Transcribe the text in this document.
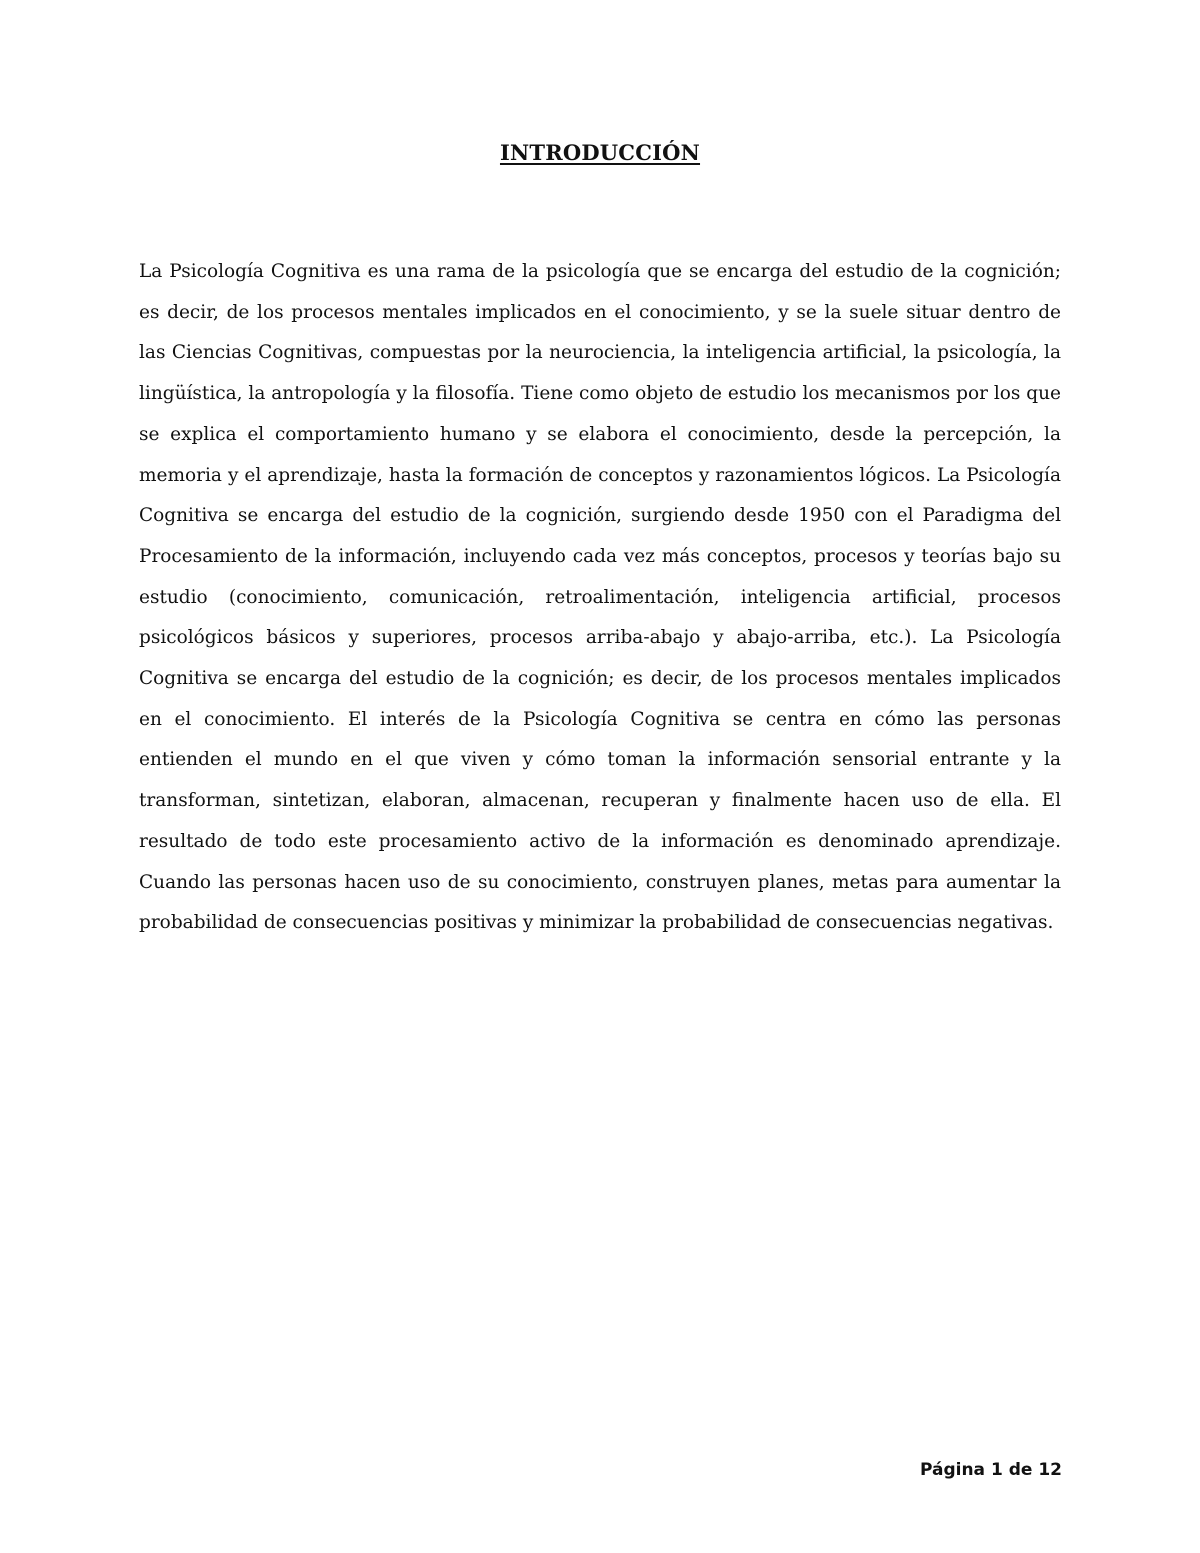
INTRODUCCIÓN

La Psicología Cognitiva es una rama de la psicología que se encarga del estudio de la cognición; es decir, de los procesos mentales implicados en el conocimiento, y se la suele situar dentro de las Ciencias Cognitivas, compuestas por la neurociencia, la inteligencia artificial, la psicología, la lingüística, la antropología y la filosofía. Tiene como objeto de estudio los mecanismos por los que se explica el comportamiento humano y se elabora el conocimiento, desde la percepción, la memoria y el aprendizaje, hasta la formación de conceptos y razonamientos lógicos. La Psicología Cognitiva se encarga del estudio de la cognición, surgiendo desde 1950 con el Paradigma del Procesamiento de la información, incluyendo cada vez más conceptos, procesos y teorías bajo su estudio (conocimiento, comunicación, retroalimentación, inteligencia artificial, procesos psicológicos básicos y superiores, procesos arriba-abajo y abajo-arriba, etc.). La Psicología Cognitiva se encarga del estudio de la cognición; es decir, de los procesos mentales implicados en el conocimiento. El interés de la Psicología Cognitiva se centra en cómo las personas entienden el mundo en el que viven y cómo toman la información sensorial entrante y la transforman, sintetizan, elaboran, almacenan, recuperan y finalmente hacen uso de ella. El resultado de todo este procesamiento activo de la información es denominado aprendizaje. Cuando las personas hacen uso de su conocimiento, construyen planes, metas para aumentar la probabilidad de consecuencias positivas y minimizar la probabilidad de consecuencias negativas.

Página 1 de 12
